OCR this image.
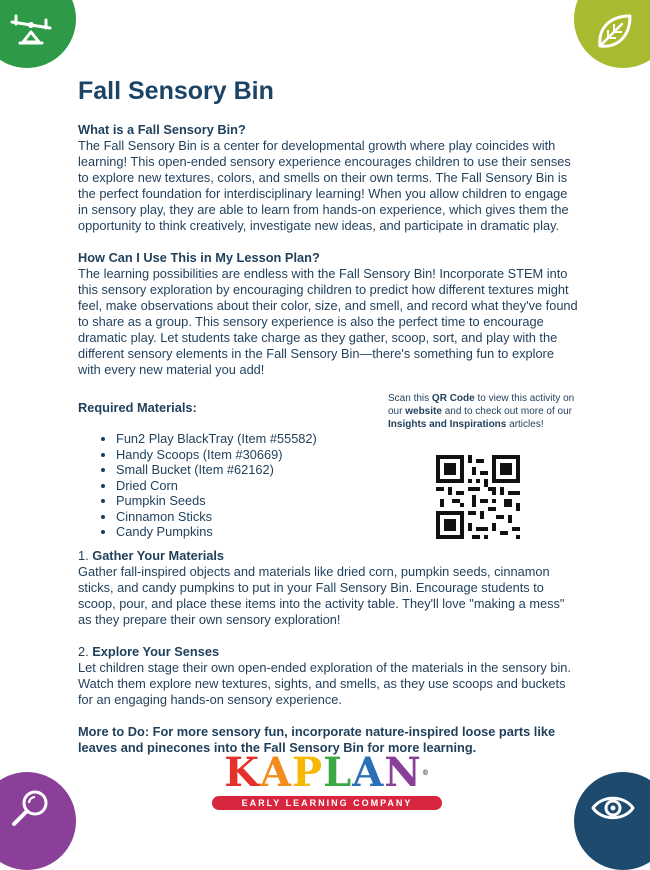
Fall Sensory Bin

What is a Fall Sensory Bin?

The Fall Sensory Bin is a center for developmental growth where play coincides with learning! This open-ended sensory experience encourages children to use their senses to explore new textures, colors, and smells on their own terms. The Fall Sensory Bin is the perfect foundation for interdisciplinary learning! When you allow children to engage in sensory play, they are able to learn from hands-on experience, which gives them the opportunity to think creatively, investigate new ideas, and participate in dramatic play.

How Can I Use This in My Lesson Plan?

The learning possibilities are endless with the Fall Sensory Bin! Incorporate STEM into this sensory exploration by encouraging children to predict how different textures might feel, make observations about their color, size, and smell, and record what they've found to share as a group. This sensory experience is also the perfect time to encourage dramatic play. Let students take charge as they gather, scoop, sort, and play with the different sensory elements in the Fall Sensory Bin—there's something fun to explore with every new material you add!

Required Materials:

• Fun2 Play BlackTray (Item #55582)
• Handy Scoops (Item #30669)
• Small Bucket (Item #62162)
• Dried Corn
• Pumpkin Seeds
• Cinnamon Sticks
• Candy Pumpkins
Scan this QR Code to view this activity on our website and to check out more of our Insights and Inspirations articles!

1. Gather Your Materials

Gather fall-inspired objects and materials like dried corn, pumpkin seeds, cinnamon sticks, and candy pumpkins to put in your Fall Sensory Bin. Encourage students to scoop, pour, and place these items into the activity table. They'll love "making a mess" as they prepare their own sensory exploration!

2. Explore Your Senses

Let children stage their own open-ended exploration of the materials in the sensory bin. Watch them explore new textures, sights, and smells, as they use scoops and buckets for an engaging hands-on sensory experience.

More to Do: For more sensory fun, incorporate nature-inspired loose parts like leaves and pinecones into the Fall Sensory Bin for more learning.

KAPLAN®
EARLY LEARNING COMPANY
